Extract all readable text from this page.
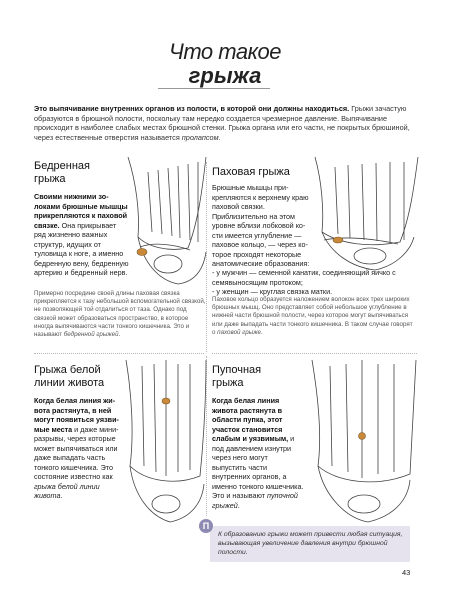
Что такое
грыжа
Это выпячивание внутренних органов из полости, в которой они должны находиться. Грыжи зачастую образуются в брюшной полости, поскольку там нередко создается чрезмерное давление. Выпячивание происходит в наиболее слабых местах брюшной стенки. Грыжа органа или его части, не покрытых брюшиной, через естественные отверстия называется пролапсом.
Бедренная
грыжа
Своими нижними золоками брюшные мышцы прикрепляются к паховой связке. Она прикрывает ряд жизненно важных структур, идущих от туловища к ноге, а именно бедренную вену, бедренную артерию и бедренный нерв.
Примерно посредине своей длины паховая связка прикрепляется к тазу небольшой вспомогательной связкой, не позволяющей той отдалиться от таза. Однако под связкой может образоваться пространство, в которое иногда выпячиваются части тонкого кишечника. Это и называют бедренной грыжей.
Паховая грыжа
Брюшные мышцы прикрепляются к верхнему краю паховой связки. Приблизительно на этом уровне вблизи лобковой кости имеется углубление — паховое кольцо, — через которое проходят некоторые анатомические образования:
- у мужчин — семенной канатик, соединяющий яичко с семявыносящим протоком;
- у женщин — круглая связка матки.
Паховое кольцо образуется наложением волокон всех трех широких брюшных мышц. Оно представляет собой небольшое углубление в нижней части брюшной полости, через которое могут выпячиваться или даже выпадать части тонкого кишечника. В таком случае говорят о паховой грыже.
Грыжа белой
линии живота
Когда белая линия живота растянута, в ней могут появиться уязвимые места и даже мини-разрывы, через которые может выпячиваться или даже выпадать часть тонкого кишечника. Это состояние известно как грыжа белой линии живота.
Пупочная
грыжа
Когда белая линия живота растянута в области пупка, этот участок становится слабым и уязвимым, и под давлением изнутри через него могут выпустить части внутренних органов, а именно тонкого кишечника. Это и называют пупочной грыжей.
П
К образованию грыжи может привести любая ситуация, вызывающая увеличение давления внутри брюшной полости.
43
